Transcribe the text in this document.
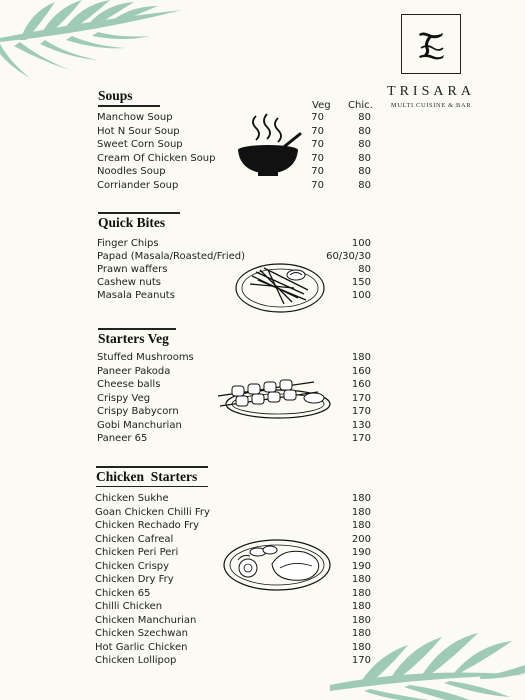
TRISARA
MULTI CUISINE & BAR
Soups
Veg Chic.
Manchow Soup	70	80
Hot N Sour Soup	70	80
Sweet Corn Soup	70	80
Cream Of Chicken Soup	70	80
Noodles Soup	70	80
Corriander Soup	70	80
Quick Bites
Finger Chips	100
Papad (Masala/Roasted/Fried)	60/30/30
Prawn waffers	80
Cashew nuts	150
Masala Peanuts	100
Starters Veg
Stuffed Mushrooms	180
Paneer Pakoda	160
Cheese balls	160
Crispy Veg	170
Crispy Babycorn	170
Gobi Manchurian	130
Paneer 65	170
Chicken  Starters
Chicken Sukhe	180
Goan Chicken Chilli Fry	180
Chicken Rechado Fry	180
Chicken Cafreal	200
Chicken Peri Peri	190
Chicken Crispy	190
Chicken Dry Fry	180
Chicken 65	180
Chilli Chicken	180
Chicken Manchurian	180
Chicken Szechwan	180
Hot Garlic Chicken	180
Chicken Lollipop	170
